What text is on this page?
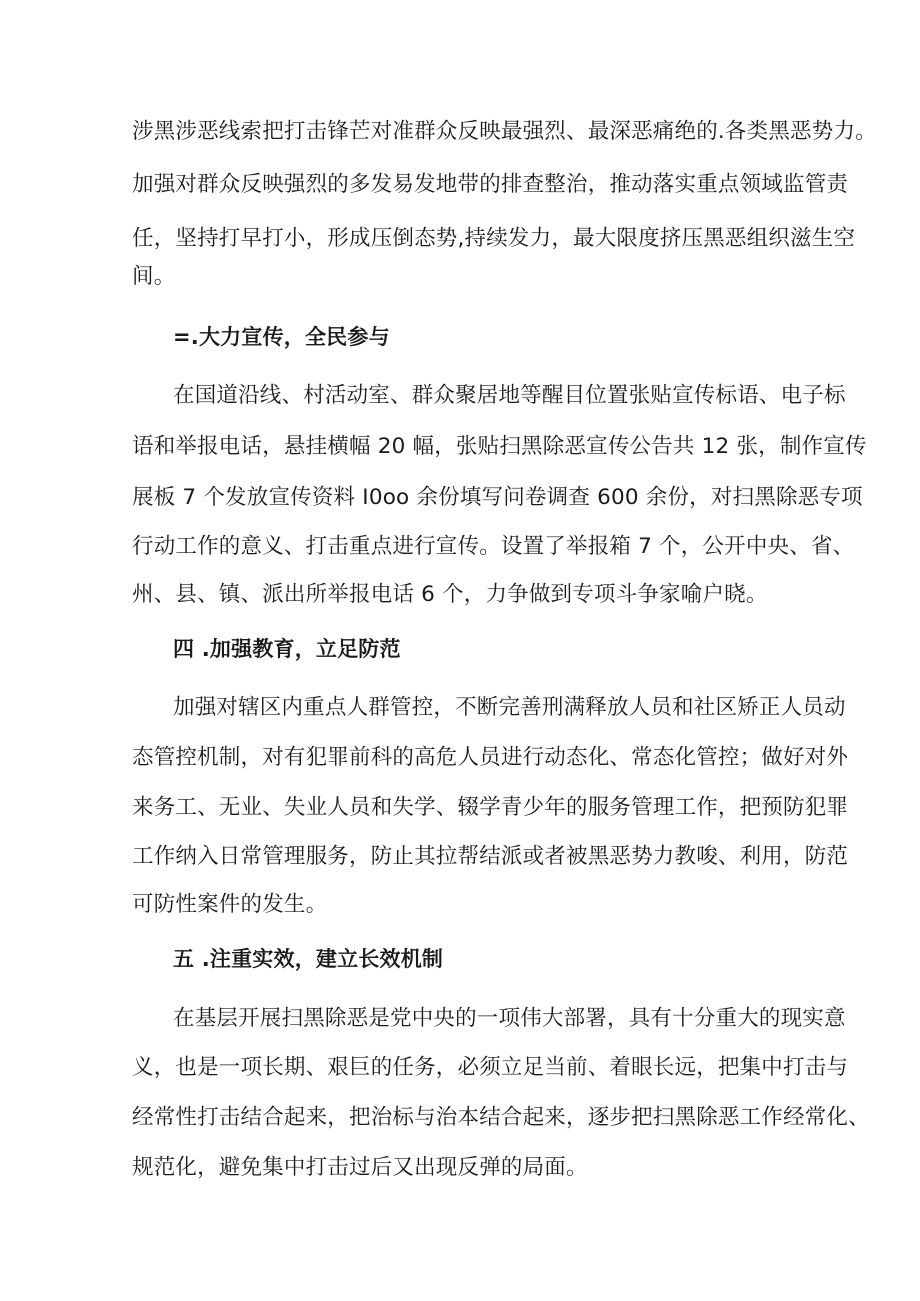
涉黑涉恶线索把打击锋芒对准群众反映最强烈、最深恶痛绝的.各类黑恶势力。
加强对群众反映强烈的多发易发地带的排查整治，推动落实重点领域监管责
任，坚持打早打小，形成压倒态势,持续发力，最大限度挤压黑恶组织滋生空
间。
=.大力宣传，全民参与
在国道沿线、村活动室、群众聚居地等醒目位置张贴宣传标语、电子标
语和举报电话，悬挂横幅 20 幅，张贴扫黑除恶宣传公告共 12 张，制作宣传
展板 7 个发放宣传资料 I0oo 余份填写问卷调查 600 余份，对扫黑除恶专项
行动工作的意义、打击重点进行宣传。设置了举报箱 7 个，公开中央、省、
州、县、镇、派出所举报电话 6 个，力争做到专项斗争家喻户晓。
四 .加强教育，立足防范
加强对辖区内重点人群管控，不断完善刑满释放人员和社区矫正人员动
态管控机制，对有犯罪前科的高危人员进行动态化、常态化管控；做好对外
来务工、无业、失业人员和失学、辍学青少年的服务管理工作，把预防犯罪
工作纳入日常管理服务，防止其拉帮结派或者被黑恶势力教唆、利用，防范
可防性案件的发生。
五 .注重实效，建立长效机制
在基层开展扫黑除恶是党中央的一项伟大部署，具有十分重大的现实意
义，也是一项长期、艰巨的任务，必须立足当前、着眼长远，把集中打击与
经常性打击结合起来，把治标与治本结合起来，逐步把扫黑除恶工作经常化、
规范化，避免集中打击过后又出现反弹的局面。
